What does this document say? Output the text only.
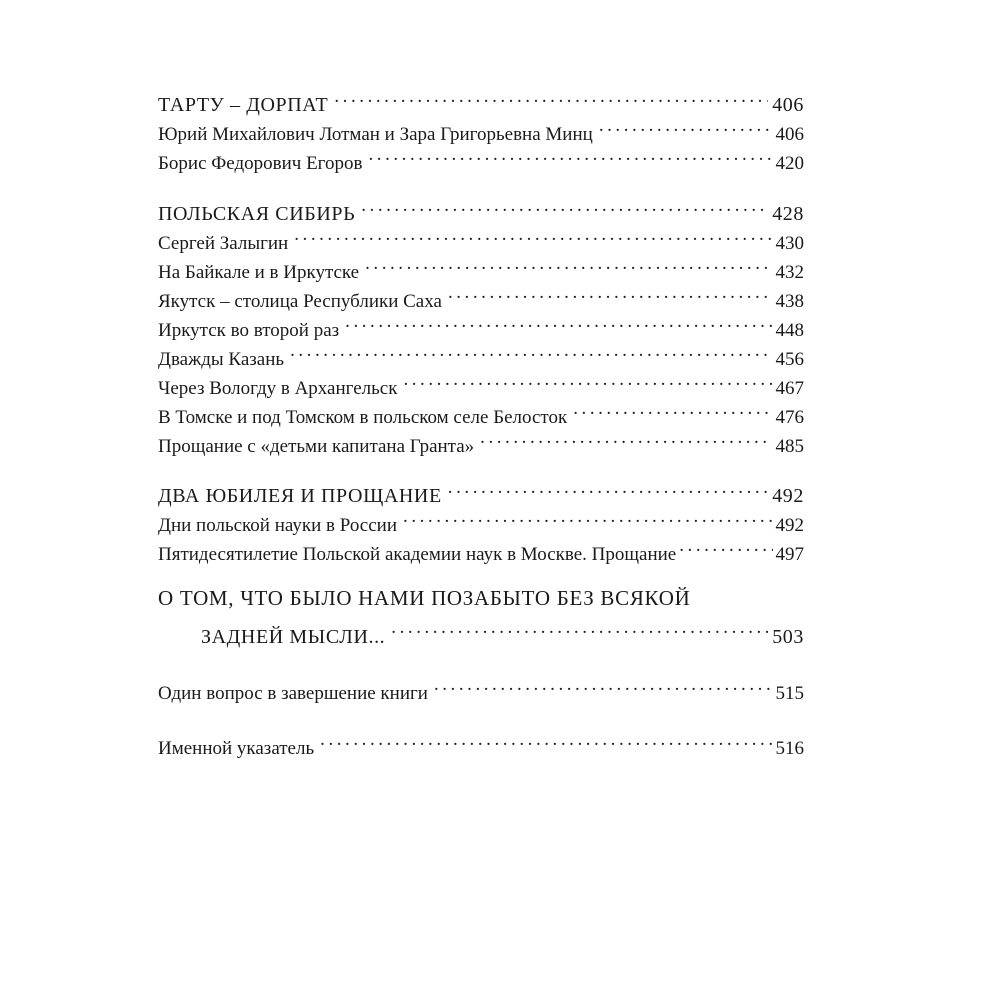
ТАРТУ – ДОРПАТ . . .	406
Юрий Михайлович Лотман и Зара Григорьевна Минц . . .	406
Борис Федорович Егоров . . .	420
ПОЛЬСКАЯ СИБИРЬ . . .	428
Сергей Залыгин . . .	430
На Байкале и в Иркутске . . .	432
Якутск – столица Республики Саха . . .	438
Иркутск во второй раз . . .	448
Дважды Казань . . .	456
Через Вологду в Архангельск . . .	467
В Томске и под Томском в польском селе Белосток . . .	476
Прощание с «детьми капитана Гранта» . . .	485
ДВА ЮБИЛЕЯ И ПРОЩАНИЕ . . .	492
Дни польской науки в России . . .	492
Пятидесятилетие Польской академии наук в Москве. Прощание . . .	497
О ТОМ, ЧТО БЫЛО НАМИ ПОЗАБЫТО БЕЗ ВСЯКОЙ
ЗАДНЕЙ МЫСЛИ... . . .	503
Один вопрос в завершение книги . . .	515
Именной указатель . . .	516
